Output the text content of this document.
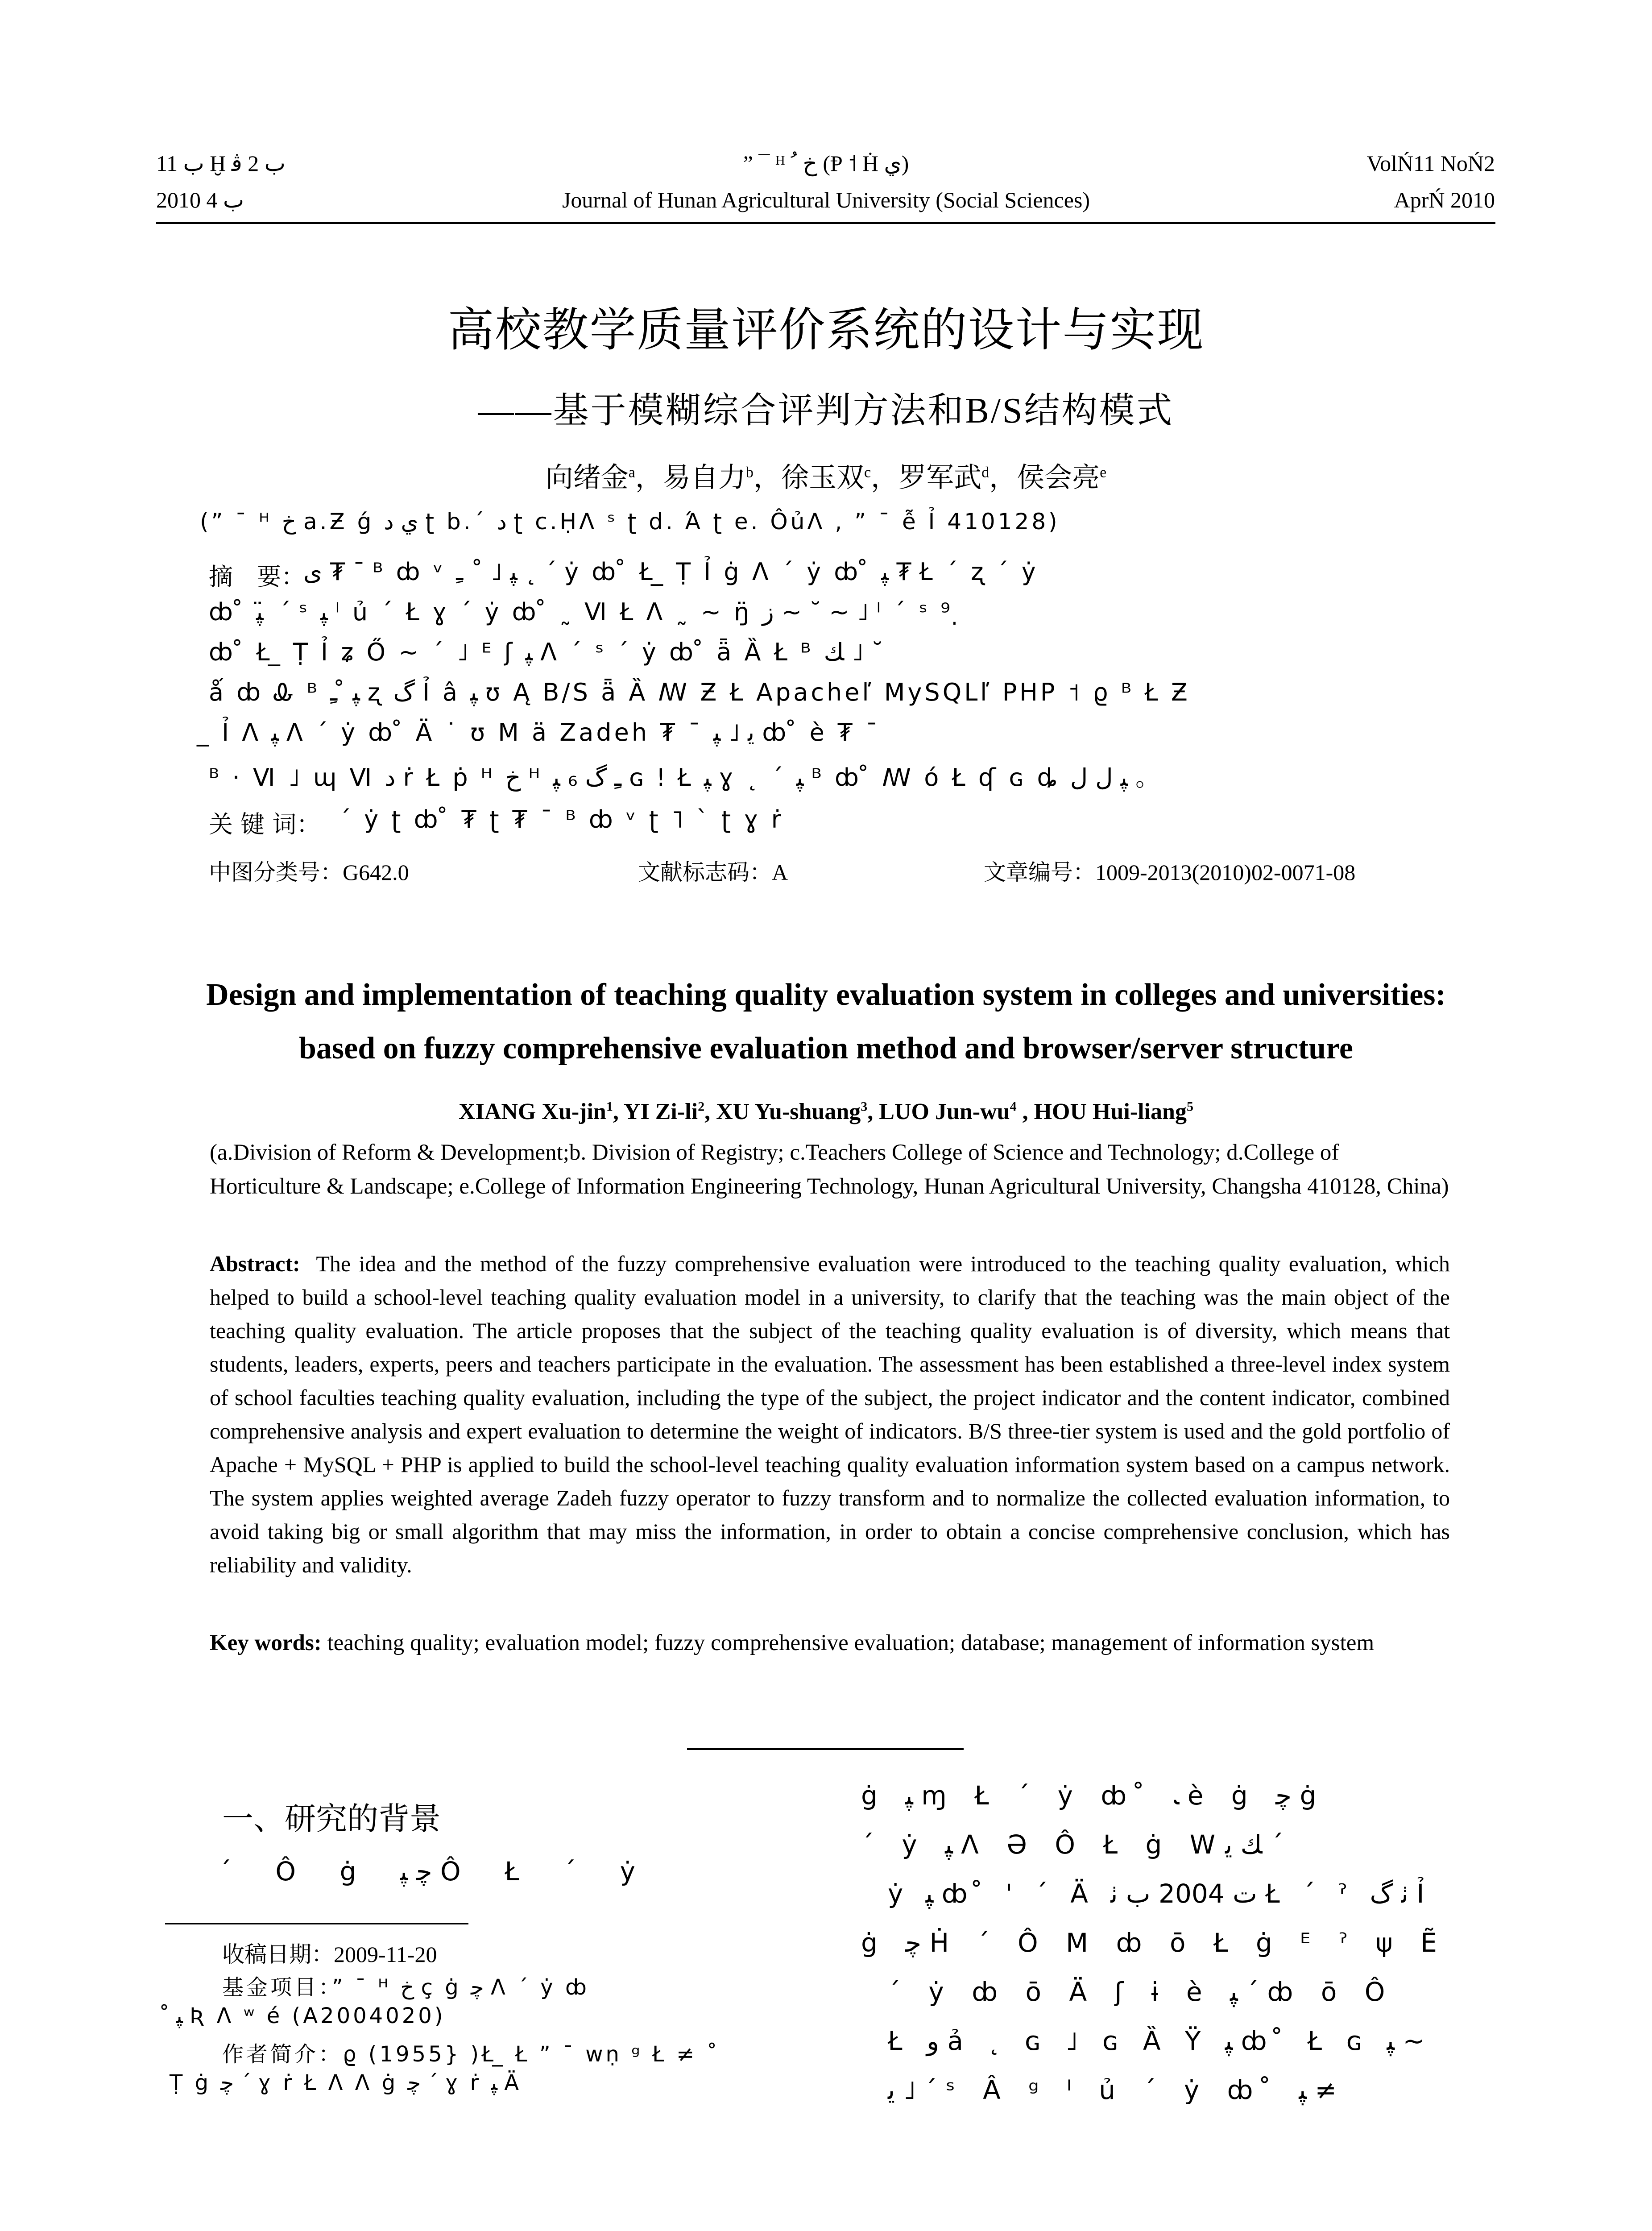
ب 11 Ḫ ب 2 ﭬ	” ¯ ᴴ ﺥ ﹸ (Ᵽ ˦ Ḣ ي)	VolŃ11 NoŃ2
2010 ب 4	Journal of Hunan Agricultural University (Social Sciences)	AprŃ 2010
高校教学质量评价系统的设计与实现
——基于模糊综合评判方法和B/S结构模式
向绪金$^a$，易自力$^b$，徐玉双$^c$，罗军武$^d$，侯会亮$^e$
(” ¯ ᴴ ﺥ a.Ƶ ǵ ي ﺩ ʈ b.´ ﺩ ʈ c.ḤΛ ˢ ʈ d. Ά ʈ e. ÔủΛ , ” ¯ ễ Ỉ 410128)
摘　要：
ﻯ ₮ ¯ ᴮ ȸ ᵛ ﭙ ˩ ˚ ﹻ ˛ ´ ẏ ȸ ̊ Ł ̲ Ṭ Ỉ ġ Λ ´ ẏ ȸ ̊ ﭙ ₮ Ł ´ ʐ ´ ẏ
ȸ ̊ ﭙ ̈ ´ ˢ ﭙ ˡ ủ ´ Ł ɣ ´ ẏ ȸ ̊ ˷ Ⅵ Ł Λ ˷ ~ ŋ̈ ﺯ ~ ˘ ~ ˩ ˡ ´ ˢ ⁹ ̣
ȸ ̊ Ł ̲ Ṭ Ỉ ʑ Ő ~ ´ ˩ ᴱ ʃ ﭙ Λ ´ ˢ ´ ẏ ȸ ̊ ǟ Ȁ Ł ᴮ ﻚ ˩ ˘
ǻ ȸ Ꮂ ᴮ ﭙ ̊ ﹻ ʐ ﮒ Ỉ â ﭙ ʊ Ą B/S ǟ Ȁ ꟿ Ƶ Ł Apacheľ MySQLľ PHP ˦ ϱ ᴮ Ł Ƶ
̲ Ỉ Λ ﭙ Λ ´ ẏ ȸ ̊ Ä ˙ ʊ M ä Zadeh ₮ ¯ ﯾ ˩ ﭙ ȸ ̊ è ₮ ¯
ᴮ · Ⅵ ˩ ɰ Ⅵ ﺩ ṙ Ł ṗ ᴴ ﺥ ᴴ ﹻ ﮒ ₆ ﭙ ɢ ǃ Ł ﭙ ɣ ˛ ´ ﭙ ᴮ ȸ ̊ ꟿ ó Ł ʠ ɢ ȡ ﭙ ﻝ ﻝ 。
关 键 词： ´ ẏ ʈ ȸ ̊ ₮ ʈ ₮ ¯ ᴮ ȸ ᵛ ʈ ˥ ˋ ʈ ɣ ṙ
中图分类号：G642.0	文献标志码：A	文章编号：1009-2013(2010)02-0071-08
Design and implementation of teaching quality evaluation system in colleges and universities:
based on fuzzy comprehensive evaluation method and browser/server structure
XIANG Xu-jin$^1$, YI $Zi-li^2$, XU Yu-shuang$^3$, LUO Jun-$wu^4$ , HOU Hui-liang$^5$
(a.Division of Reform & Development;b. Division of Registry; c.Teachers College of Science and Technology; d.College of Horticulture & Landscape; e.College of Information Engineering Technology, Hunan Agricultural University, Changsha 410128, China)
Abstract: The idea and the method of the fuzzy comprehensive evaluation were introduced to the teaching quality evaluation, which helped to build a school-level teaching quality evaluation model in a university, to clarify that the teaching was the main object of the teaching quality evaluation. The article proposes that the subject of the teaching quality evaluation is of diversity, which means that students, leaders, experts, peers and teachers participate in the evaluation. The assessment has been established a three-level index system of school faculties teaching quality evaluation, including the type of the subject, the project indicator and the content indicator, combined comprehensive analysis and expert evaluation to determine the weight of indicators. B/S three-tier system is used and the gold portfolio of Apache + MySQL + PHP is applied to build the school-level teaching quality evaluation information system based on a campus network. The system applies weighted average Zadeh fuzzy operator to fuzzy transform and to normalize the collected evaluation information, to avoid taking big or small algorithm that may miss the information, in order to obtain a concise comprehensive conclusion, which has reliability and validity.
Key words: teaching quality; evaluation model; fuzzy comprehensive evaluation; database; management of information system
一、研究的背景
´ Ô ġ ﭼ ﭙ Ô Ł ´ ẏ
收稿日期：2009-11-20
基金项目：” ¯ ᴴ ﺥ ç ġ ﭼ Λ ´ ẏ ȸ
̊ ﭙ Ʀ Λ ʷ é (A2004020)
作者简介：ϱ (1955} )Ł ̲ Ł ” ¯ wṇ ᵍ Ł ≠ ˚
Ṭ ġ ﭼ ´ ɣ ṙ Ł Λ Λ ġ ﭼ ´ ɣ ṙ ﭙ Ä
ġ ﭙ ɱ Ł ´ ẏ ȸ ̊ ﹳ è ġ ﭼ ġ
´ ẏ ﭙ Λ Ə Ô Ł ġ Wﻚ ﯾ ´
ẏ ﭙ ȸ ̊ ' ´ Ä ﺕ 2004 ب ﭠ Ł ´ ˀ ﭠ ﮒ Ỉ
ġ ﭼ Ḣ ´ Ô M ȸ ō Ł ġ ᴱ ˀ ψ Ẽ
´ ẏ ȸ ō Ä ʃ ɨ è ﭙ ´ ȸ ō Ô
Ł ﻭ ả ˛ ɢ ˩ ɢ Ȁ Ÿ ﭙ ȸ ̊ Ł ɢ ﭙ ~
ﯾ ˩ ´ ˢ Â ᵍ ˡ ủ ´ ẏ ȸ ̊ ﭙ ≠
